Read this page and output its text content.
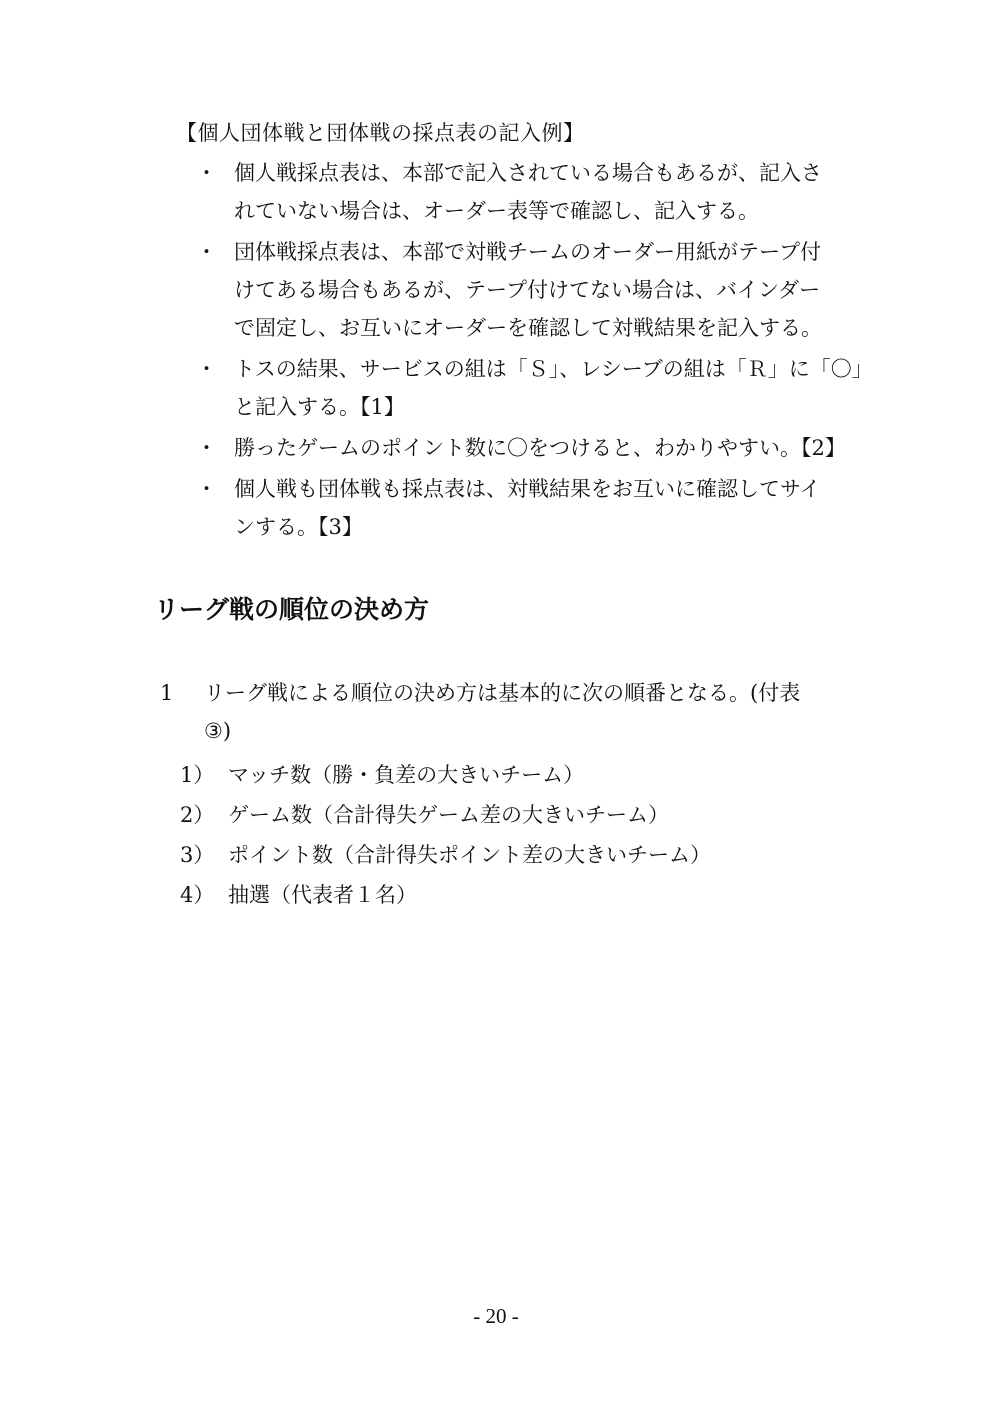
【個人団体戦と団体戦の採点表の記入例】
・ 個人戦採点表は、本部で記入されている場合もあるが、記入さ
れていない場合は、オーダー表等で確認し、記入する。
・ 団体戦採点表は、本部で対戦チームのオーダー用紙がテープ付
けてある場合もあるが、テープ付けてない場合は、バインダー
で固定し、お互いにオーダーを確認して対戦結果を記入する。
・ トスの結果、サービスの組は「Ｓ」、レシーブの組は「Ｒ」に「〇」
と記入する。【1】
・ 勝ったゲームのポイント数に〇をつけると、わかりやすい。【2】
・ 個人戦も団体戦も採点表は、対戦結果をお互いに確認してサイ
ンする。【3】
リーグ戦の順位の決め方
1	リーグ戦による順位の決め方は基本的に次の順番となる。(付表
③)
1） マッチ数（勝・負差の大きいチーム）
2） ゲーム数（合計得失ゲーム差の大きいチーム）
3） ポイント数（合計得失ポイント差の大きいチーム）
4） 抽選（代表者１名）
- 20 -
